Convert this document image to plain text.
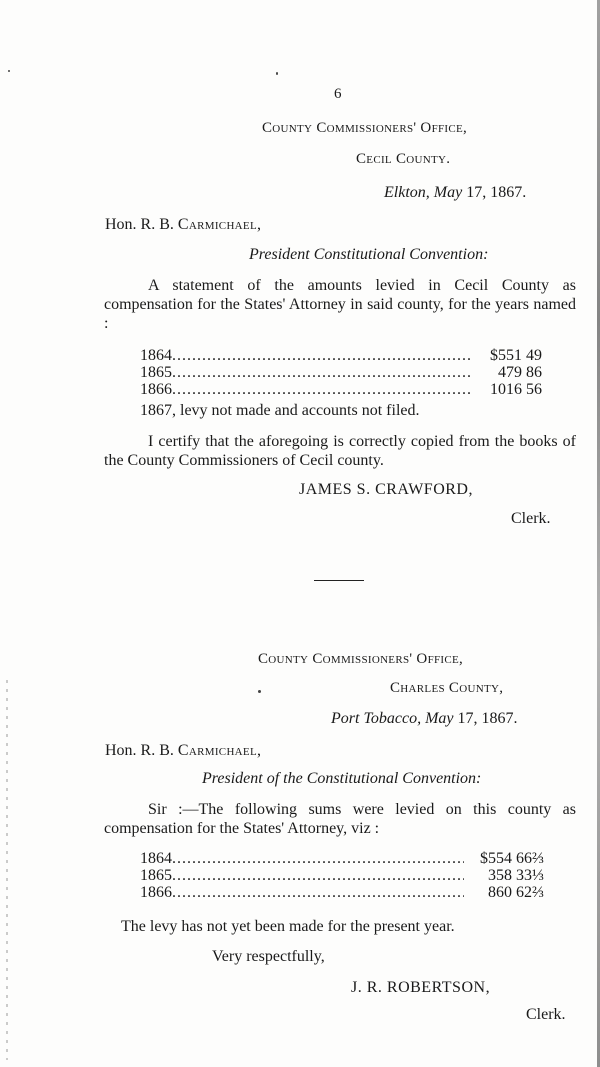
6
County Commissioners' Office,
Cecil County.
Elkton, May 17, 1867.
Hon. R. B. Carmichael,
President Constitutional Convention:

A statement of the amounts levied in Cecil County as compensation for the States' Attorney in said county, for the years named :

1864 .....	$551 49
1865 .....	479 86
1866 .....	1016 56
1867, levy not made and accounts not filed.

I certify that the aforegoing is correctly copied from the books of the County Commissioners of Cecil county.

JAMES S. CRAWFORD,
Clerk.
County Commissioners' Office,
Charles County,
Port Tobacco, May 17, 1867.
Hon. R. B. Carmichael,
President of the Constitutional Convention:

Sir :—The following sums were levied on this county as compensation for the States' Attorney, viz :

1864 .....	$554 66⅔
1865 .....	358 33⅓
1866 .....	860 62⅔
The levy has not yet been made for the present year.
Very respectfully,
J. R. ROBERTSON,
Clerk.
